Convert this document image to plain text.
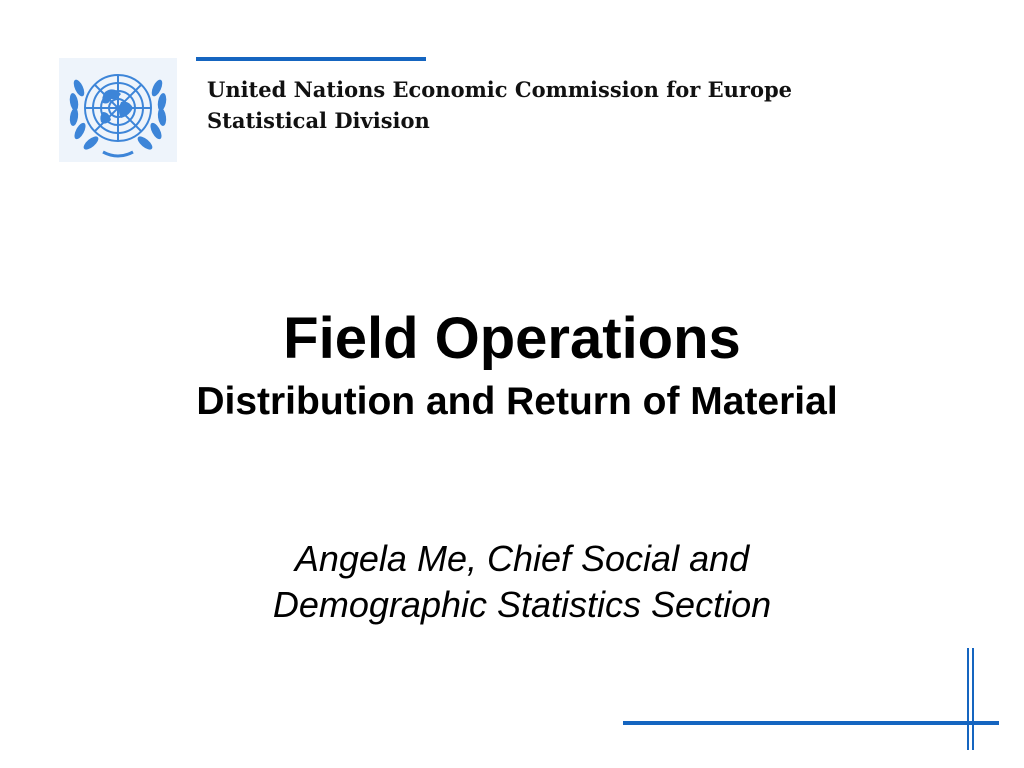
United Nations Economic Commission for Europe
Statistical Division
Field Operations
Distribution and Return of Material
Angela Me, Chief Social and
Demographic Statistics Section
